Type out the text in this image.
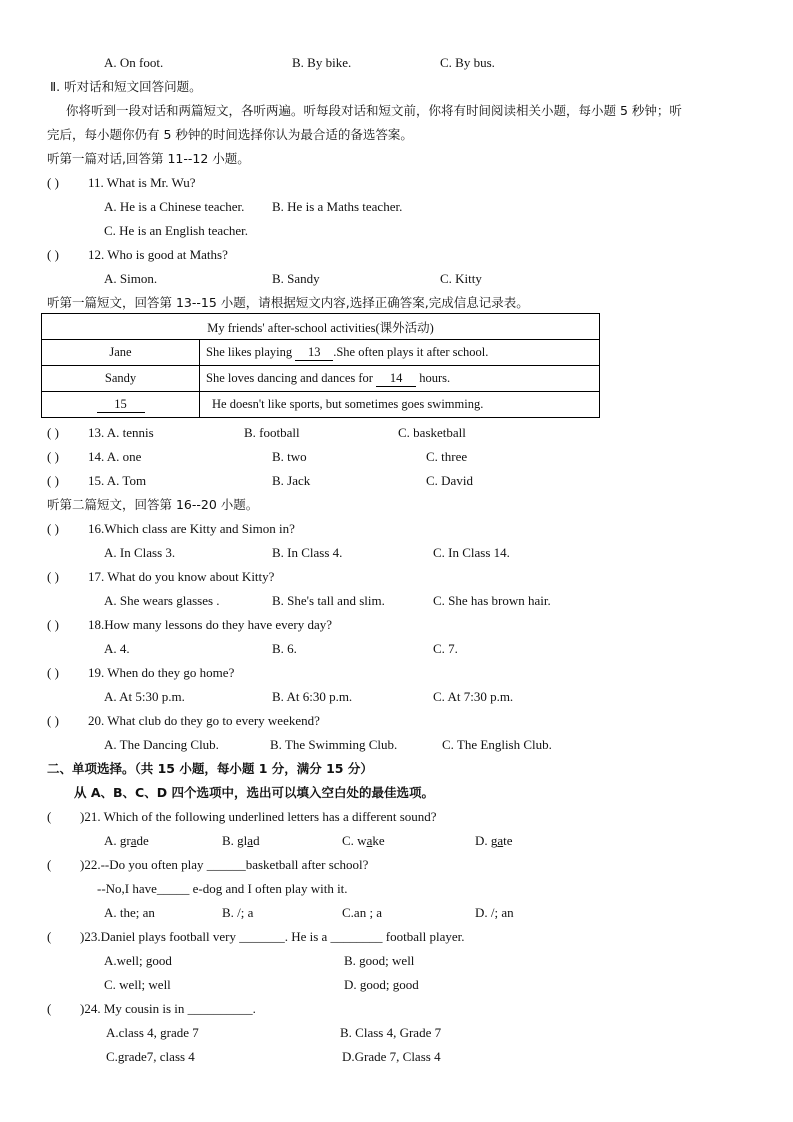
A. On foot.	B. By bike.	C. By bus.
Ⅱ. 听对话和短文回答问题。
你将听到一段对话和两篇短文，各听两遍。听每段对话和短文前，你将有时间阅读相关小题，每小题 5 秒钟；听
完后，每小题你仍有 5 秒钟的时间选择你认为最合适的备选答案。
听第一篇对话,回答第 11--12 小题。
( ) 11. What is Mr. Wu?
A. He is a Chinese teacher. B. He is a Maths teacher.
C. He is an English teacher.
( ) 12. Who is good at Maths?
A. Simon.	B. Sandy	C. Kitty
听第一篇短文，回答第 13--15 小题，请根据短文内容,选择正确答案,完成信息记录表。
My friends' after-school activities(课外活动)	
Jane	She likes playing 13 .She often plays it after school.
Sandy	She loves dancing and dances for 14 hours.
15	He doesn't like sports, but sometimes goes swimming.
( ) 13. A. tennis	B. football	C. basketball
( ) 14. A. one	B. two	C. three
( ) 15. A. Tom	B. Jack	C. David
听第二篇短文，回答第 16--20 小题。
( ) 16.Which class are Kitty and Simon in?
A. In Class 3.	B. In Class 4.	C. In Class 14.
( ) 17. What do you know about Kitty?
A. She wears glasses .	B. She's tall and slim.	C. She has brown hair.
( ) 18.How many lessons do they have every day?
A. 4.	B. 6.	C. 7.
( ) 19. When do they go home?
A. At 5:30 p.m.	B. At 6:30 p.m.	C. At 7:30 p.m.
( ) 20. What club do they go to every weekend?
A. The Dancing Club.	B. The Swimming Club.	C. The English Club.
二、单项选择。（共 15 小题，每小题 1 分，满分 15 分）
从 A、B、C、D 四个选项中，选出可以填入空白处的最佳选项。
( )21. Which of the following underlined letters has a different sound?
A. grade	B. glad	C. wake	D. gate
( )22.--Do you often play ______basketball after school?
--No,I have_____ e-dog and I often play with it.
A. the; an	B. /; a	C.an ; a	D. /; an
( )23.Daniel plays football very _______. He is a ________ football player.
A.well; good	B. good; well
C. well; well	D. good; good
( )24. My cousin is in __________.
A.class 4, grade 7	B. Class 4, Grade 7
C.grade7, class 4	D.Grade 7, Class 4
